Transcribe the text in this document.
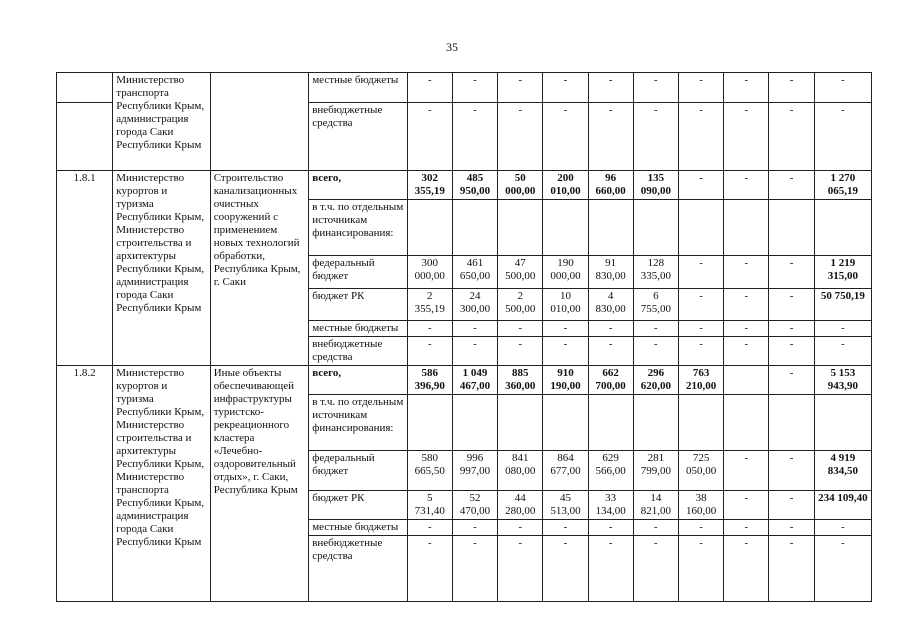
35
	Министерство транспорта Республики Крым, администрация города Саки Республики Крым		местные бюджеты	-	-	-	-	-	-	-	-	-	-
			внебюджетные средства	-	-	-	-	-	-	-	-	-	-
1.8.1	Министерство курортов и туризма Республики Крым, Министерство строительства и архитектуры Республики Крым, администрация города Саки Республики Крым	Строительство канализационных очистных сооружений с применением новых технологий обработки, Республика Крым, г. Саки	всего,	302 355,19	485 950,00	50 000,00	200 010,00	96 660,00	135 090,00	-	-	-	1 270 065,19
			в т.ч. по отдельным источникам финансирования:										
			федеральный бюджет	300 000,00	461 650,00	47 500,00	190 000,00	91 830,00	128 335,00	-	-	-	1 219 315,00
			бюджет РК	2 355,19	24 300,00	2 500,00	10 010,00	4 830,00	6 755,00	-	-	-	50 750,19
			местные бюджеты	-	-	-	-	-	-	-	-	-	-
			внебюджетные средства	-	-	-	-	-	-	-	-	-	-
1.8.2	Министерство курортов и туризма Республики Крым, Министерство строительства и архитектуры Республики Крым, Министерство транспорта Республики Крым, администрация города Саки Республики Крым	Иные объекты обеспечивающей инфраструктуры туристско-рекреационного кластера «Лечебно-оздоровительный отдых», г. Саки, Республика Крым	всего,	586 396,90	1 049 467,00	885 360,00	910 190,00	662 700,00	296 620,00	763 210,00		-	5 153 943,90
			в т.ч. по отдельным источникам финансирования:										
			федеральный бюджет	580 665,50	996 997,00	841 080,00	864 677,00	629 566,00	281 799,00	725 050,00	-	-	4 919 834,50
			бюджет РК	5 731,40	52 470,00	44 280,00	45 513,00	33 134,00	14 821,00	38 160,00	-	-	234 109,40
			местные бюджеты	-	-	-	-	-	-	-	-	-	-
			внебюджетные средства	-	-	-	-	-	-	-	-	-	-
